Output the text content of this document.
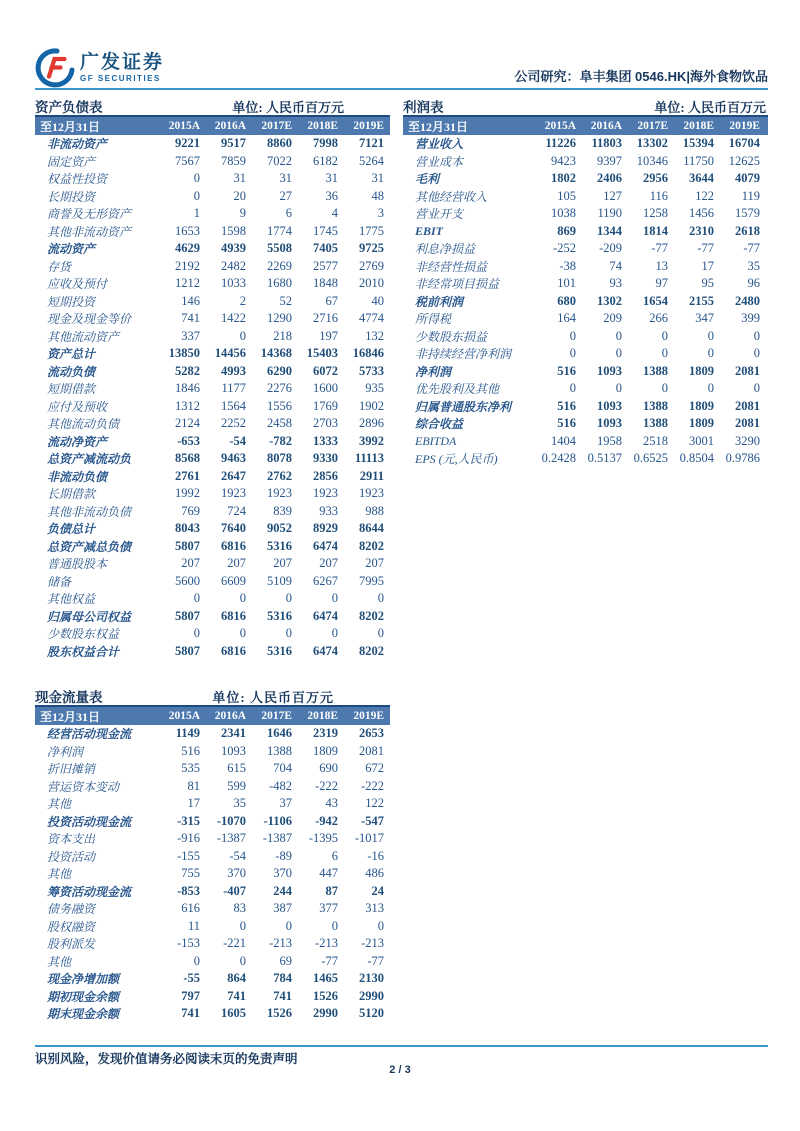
广发证券
GF SECURITIES	公司研究：阜丰集团 0546.HK|海外食物饮品
资产负债表	单位: 人民币百万元
至12月31日	2015A	2016A	2017E	2018E	2019E
非流动资产	9221	9517	8860	7998	7121
固定资产	7567	7859	7022	6182	5264
权益性投资	0	31	31	31	31
长期投资	0	20	27	36	48
商誉及无形资产	1	9	6	4	3
其他非流动资产	1653	1598	1774	1745	1775
流动资产	4629	4939	5508	7405	9725
存货	2192	2482	2269	2577	2769
应收及预付	1212	1033	1680	1848	2010
短期投资	146	2	52	67	40
现金及现金等价	741	1422	1290	2716	4774
其他流动资产	337	0	218	197	132
资产总计	13850	14456	14368	15403	16846
流动负债	5282	4993	6290	6072	5733
短期借款	1846	1177	2276	1600	935
应付及预收	1312	1564	1556	1769	1902
其他流动负债	2124	2252	2458	2703	2896
流动净资产	-653	-54	-782	1333	3992
总资产减流动负	8568	9463	8078	9330	11113
非流动负债	2761	2647	2762	2856	2911
长期借款	1992	1923	1923	1923	1923
其他非流动负债	769	724	839	933	988
负债总计	8043	7640	9052	8929	8644
总资产减总负债	5807	6816	5316	6474	8202
普通股股本	207	207	207	207	207
储备	5600	6609	5109	6267	7995
其他权益	0	0	0	0	0
归属母公司权益	5807	6816	5316	6474	8202
少数股东权益	0	0	0	0	0
股东权益合计	5807	6816	5316	6474	8202
利润表	单位: 人民币百万元
至12月31日	2015A	2016A	2017E	2018E	2019E
营业收入	11226	11803	13302	15394	16704
营业成本	9423	9397	10346	11750	12625
毛利	1802	2406	2956	3644	4079
其他经营收入	105	127	116	122	119
营业开支	1038	1190	1258	1456	1579
EBIT	869	1344	1814	2310	2618
利息净损益	-252	-209	-77	-77	-77
非经营性损益	-38	74	13	17	35
非经常项目损益	101	93	97	95	96
税前利润	680	1302	1654	2155	2480
所得税	164	209	266	347	399
少数股东损益	0	0	0	0	0
非持续经营净利润	0	0	0	0	0
净利润	516	1093	1388	1809	2081
优先股利及其他	0	0	0	0	0
归属普通股东净利	516	1093	1388	1809	2081
综合收益	516	1093	1388	1809	2081
EBITDA	1404	1958	2518	3001	3290
EPS (元,人民币)	0.2428 0.5137 0.6525 0.8504 0.9786
现金流量表	单位: 人民币百万元
至12月31日	2015A	2016A	2017E	2018E	2019E
经营活动现金流	1149	2341	1646	2319	2653
净利润	516	1093	1388	1809	2081
折旧摊销	535	615	704	690	672
营运资本变动	81	599	-482	-222	-222
其他	17	35	37	43	122
投资活动现金流	-315	-1070	-1106	-942	-547
资本支出	-916	-1387	-1387	-1395	-1017
投资活动	-155	-54	-89	6	-16
其他	755	370	370	447	486
筹资活动现金流	-853	-407	244	87	24
债务融资	616	83	387	377	313
股权融资	11	0	0	0	0
股利派发	-153	-221	-213	-213	-213
其他	0	0	69	-77	-77
现金净增加额	-55	864	784	1465	2130
期初现金余额	797	741	741	1526	2990
期末现金余额	741	1605	1526	2990	5120
识别风险，发现价值请务必阅读末页的免责声明
2 / 3
